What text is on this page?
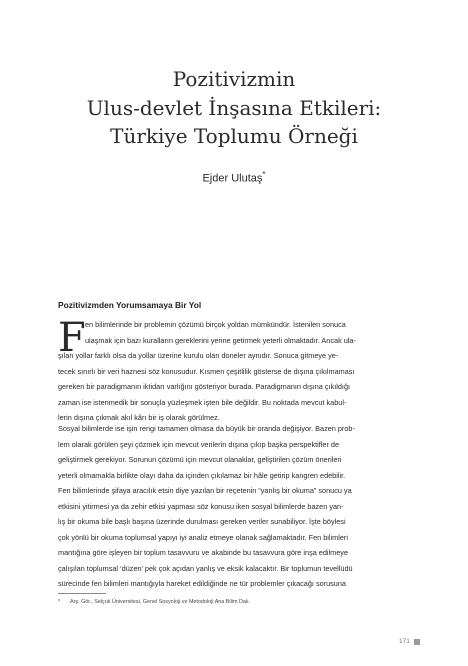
Pozitivizmin
Ulus-devlet İnşasına Etkileri:
Türkiye Toplumu Örneği
Ejder Ulutaş*
Pozitivizmden Yorumsamaya Bir Yol
F en bilimlerinde bir problemin çözümü birçok yoldan mümkündür. İstenilen sonuca
ulaşmak için bazı kuralların gereklerini yerine getirmek yeterli olmaktadır. Ancak ula-
şılan yollar farklı olsa da yollar üzerine kurulu olan doneler aynıdır. Sonuca gitmeye ye-
tecek sınırlı bir veri haznesi söz konusudur. Kısmen çeşitlilik gösterse de dışına çıkılmaması
gereken bir paradigmanın iktidarı varlığını gösteriyor burada. Paradigmanın dışına çıkıldığı
zaman ise istenmedik bir sonuçla yüzleşmek işten bile değildir. Bu noktada mevcut kabul-
lerin dışına çıkmak akıl kârı bir iş olarak görülmez.
Sosyal bilimlerde ise işin rengi tamamen olmasa da büyük bir oranda değişiyor. Bazen prob-
lem olarak görülen şeyi çözmek için mevcut verilerin dışına çıkıp başka perspektifler de
geliştirmek gerekiyor. Sorunun çözümü için mevcut olanaklar, geliştirilen çözüm önerileri
yeterli olmamakla birlikte olayı daha da içinden çıkılamaz bir hâle getirip kangren edebilir.
Fen bilimlerinde şifaya aracılık etsin diye yazılan bir reçetenin “yanlış bir okuma” sonucu ya
etkisini yitirmesi ya da zehir etkisi yapması söz konusu iken sosyal bilimlerde bazen yan-
lış bir okuma bile başlı başına üzerinde durulması gereken veriler sunabiliyor. İşte böylesi
çok yönlü bir okuma toplumsal yapıyı iyi analiz etmeye olanak sağlamaktadır. Fen bilimleri
mantığına göre işleyen bir toplum tasavvuru ve akabinde bu tasavvura göre inşa edilmeye
çalışılan toplumsal ‘düzen’ pek çok açıdan yanlış ve eksik kalacaktır. Bir toplumun tevellüdü
sürecinde fen bilimleri mantığıyla hareket edildiğinde ne tür problemler çıkacağı sorusuna
* Arş. Gör., Selçuk Üniversitesi, Genel Sosyoloji ve Metodoloji Ana Bilim Dalı.
171
